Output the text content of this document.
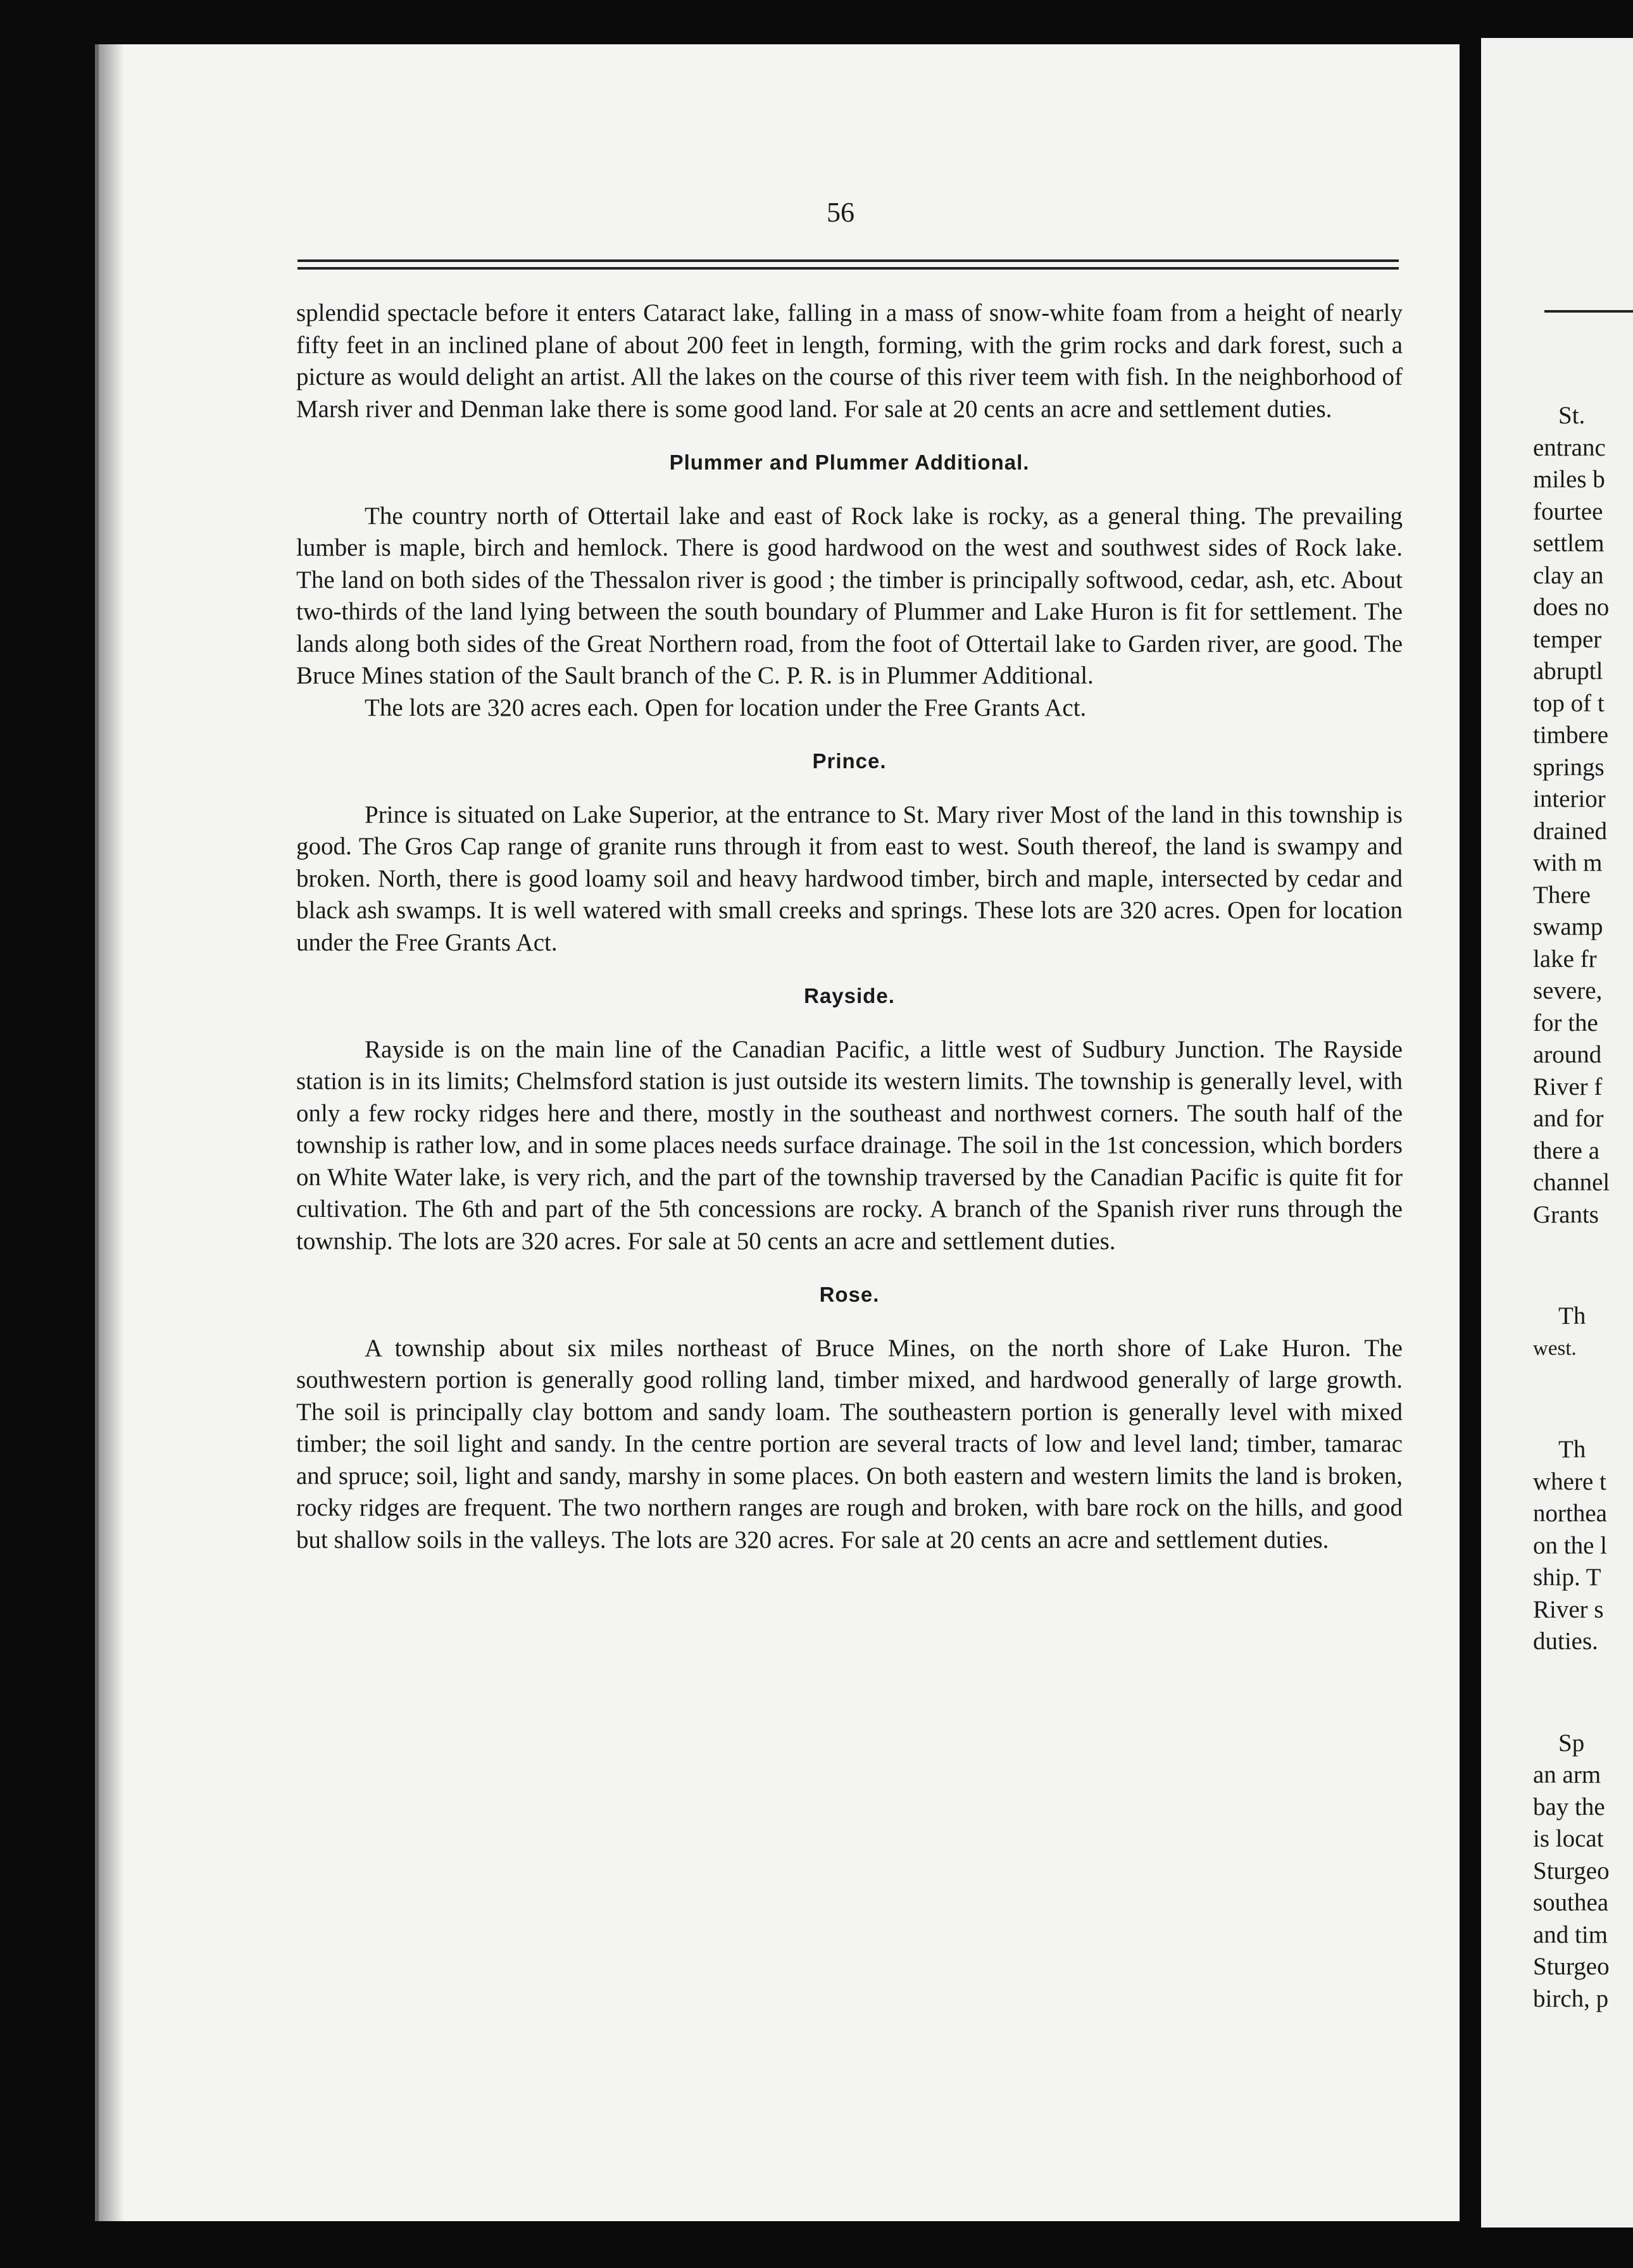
56

splendid spectacle before it enters Cataract lake, falling in a mass of snow-white foam from a height of nearly fifty feet in an inclined plane of about 200 feet in length, forming, with the grim rocks and dark forest, such a picture as would delight an artist. All the lakes on the course of this river teem with fish. In the neighborhood of Marsh river and Denman lake there is some good land. For sale at 20 cents an acre and settlement duties.

Plummer and Plummer Additional.

The country north of Ottertail lake and east of Rock lake is rocky, as a general thing. The prevailing lumber is maple, birch and hemlock. There is good hardwood on the west and southwest sides of Rock lake. The land on both sides of the Thessalon river is good ; the timber is principally softwood, cedar, ash, etc. About two-thirds of the land lying between the south boundary of Plummer and Lake Huron is fit for settlement. The lands along both sides of the Great Northern road, from the foot of Ottertail lake to Garden river, are good. The Bruce Mines station of the Sault branch of the C. P. R. is in Plummer Additional.

The lots are 320 acres each. Open for location under the Free Grants Act.

Prince.

Prince is situated on Lake Superior, at the entrance to St. Mary river Most of the land in this township is good. The Gros Cap range of granite runs through it from east to west. South thereof, the land is swampy and broken. North, there is good loamy soil and heavy hardwood timber, birch and maple, intersected by cedar and black ash swamps. It is well watered with small creeks and springs. These lots are 320 acres. Open for location under the Free Grants Act.

Rayside.

Rayside is on the main line of the Canadian Pacific, a little west of Sudbury Junction. The Rayside station is in its limits; Chelmsford station is just outside its western limits. The township is generally level, with only a few rocky ridges here and there, mostly in the southeast and northwest corners. The south half of the township is rather low, and in some places needs surface drainage. The soil in the 1st concession, which borders on White Water lake, is very rich, and the part of the township traversed by the Canadian Pacific is quite fit for cultivation. The 6th and part of the 5th concessions are rocky. A branch of the Spanish river runs through the township. The lots are 320 acres. For sale at 50 cents an acre and settlement duties.

Rose.

A township about six miles northeast of Bruce Mines, on the north shore of Lake Huron. The southwestern portion is generally good rolling land, timber mixed, and hardwood generally of large growth. The soil is principally clay bottom and sandy loam. The southeastern portion is generally level with mixed timber; the soil light and sandy. In the centre portion are several tracts of low and level land; timber, tamarac and spruce; soil, light and sandy, marshy in some places. On both eastern and western limits the land is broken, rocky ridges are frequent. The two northern ranges are rough and broken, with bare rock on the hills, and good but shallow soils in the valleys. The lots are 320 acres. For sale at 20 cents an acre and settlement duties.

St.
entranc
miles b
fourtee
settlem
clay an
does no
temper
abruptl
top of t
timbere
springs
interior
drained
with m
There
swamp
lake fr
severe,
for the
around
River f
and for
there a
channel
Grants
Th
west.
Th
where t
northea
on the l
ship. T
River s
duties.
Sp
an arm
bay the
is locat
Sturgeo
southea
and tim
Sturgeo
birch, p
